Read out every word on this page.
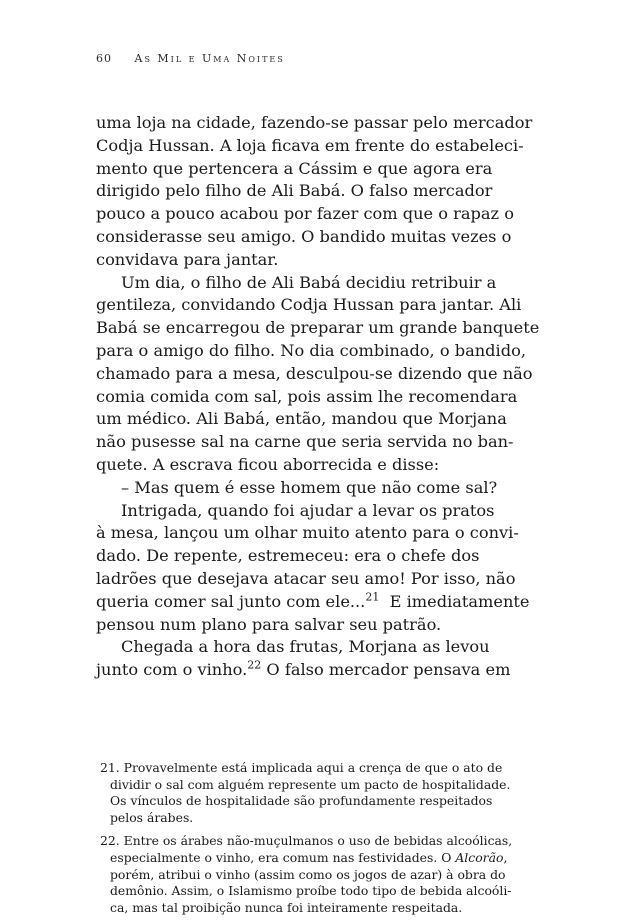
60 As Mil e Uma Noites
uma loja na cidade, fazendo-se passar pelo mercador
Codja Hussan. A loja ficava em frente do estabeleci-
mento que pertencera a Cássim e que agora era
dirigido pelo filho de Ali Babá. O falso mercador
pouco a pouco acabou por fazer com que o rapaz o
considerasse seu amigo. O bandido muitas vezes o
convidava para jantar.
Um dia, o filho de Ali Babá decidiu retribuir a
gentileza, convidando Codja Hussan para jantar. Ali
Babá se encarregou de preparar um grande banquete
para o amigo do filho. No dia combinado, o bandido,
chamado para a mesa, desculpou-se dizendo que não
comia comida com sal, pois assim lhe recomendara
um médico. Ali Babá, então, mandou que Morjana
não pusesse sal na carne que seria servida no ban-
quete. A escrava ficou aborrecida e disse:
– Mas quem é esse homem que não come sal?
Intrigada, quando foi ajudar a levar os pratos
à mesa, lançou um olhar muito atento para o convi-
dado. De repente, estremeceu: era o chefe dos
ladrões que desejava atacar seu amo! Por isso, não
queria comer sal junto com ele...$^{21}$ E imediatamente
pensou num plano para salvar seu patrão.
Chegada a hora das frutas, Morjana as levou
junto com o vinho.$^{22}$ O falso mercador pensava em
21. Provavelmente está implicada aqui a crença de que o ato de
dividir o sal com alguém represente um pacto de hospitalidade.
Os vínculos de hospitalidade são profundamente respeitados
pelos árabes.
22. Entre os árabes não-muçulmanos o uso de bebidas alcoólicas,
especialmente o vinho, era comum nas festividades. O Alcorão,
porém, atribui o vinho (assim como os jogos de azar) à obra do
demônio. Assim, o Islamismo proíbe todo tipo de bebida alcoóli-
ca, mas tal proibição nunca foi inteiramente respeitada.
